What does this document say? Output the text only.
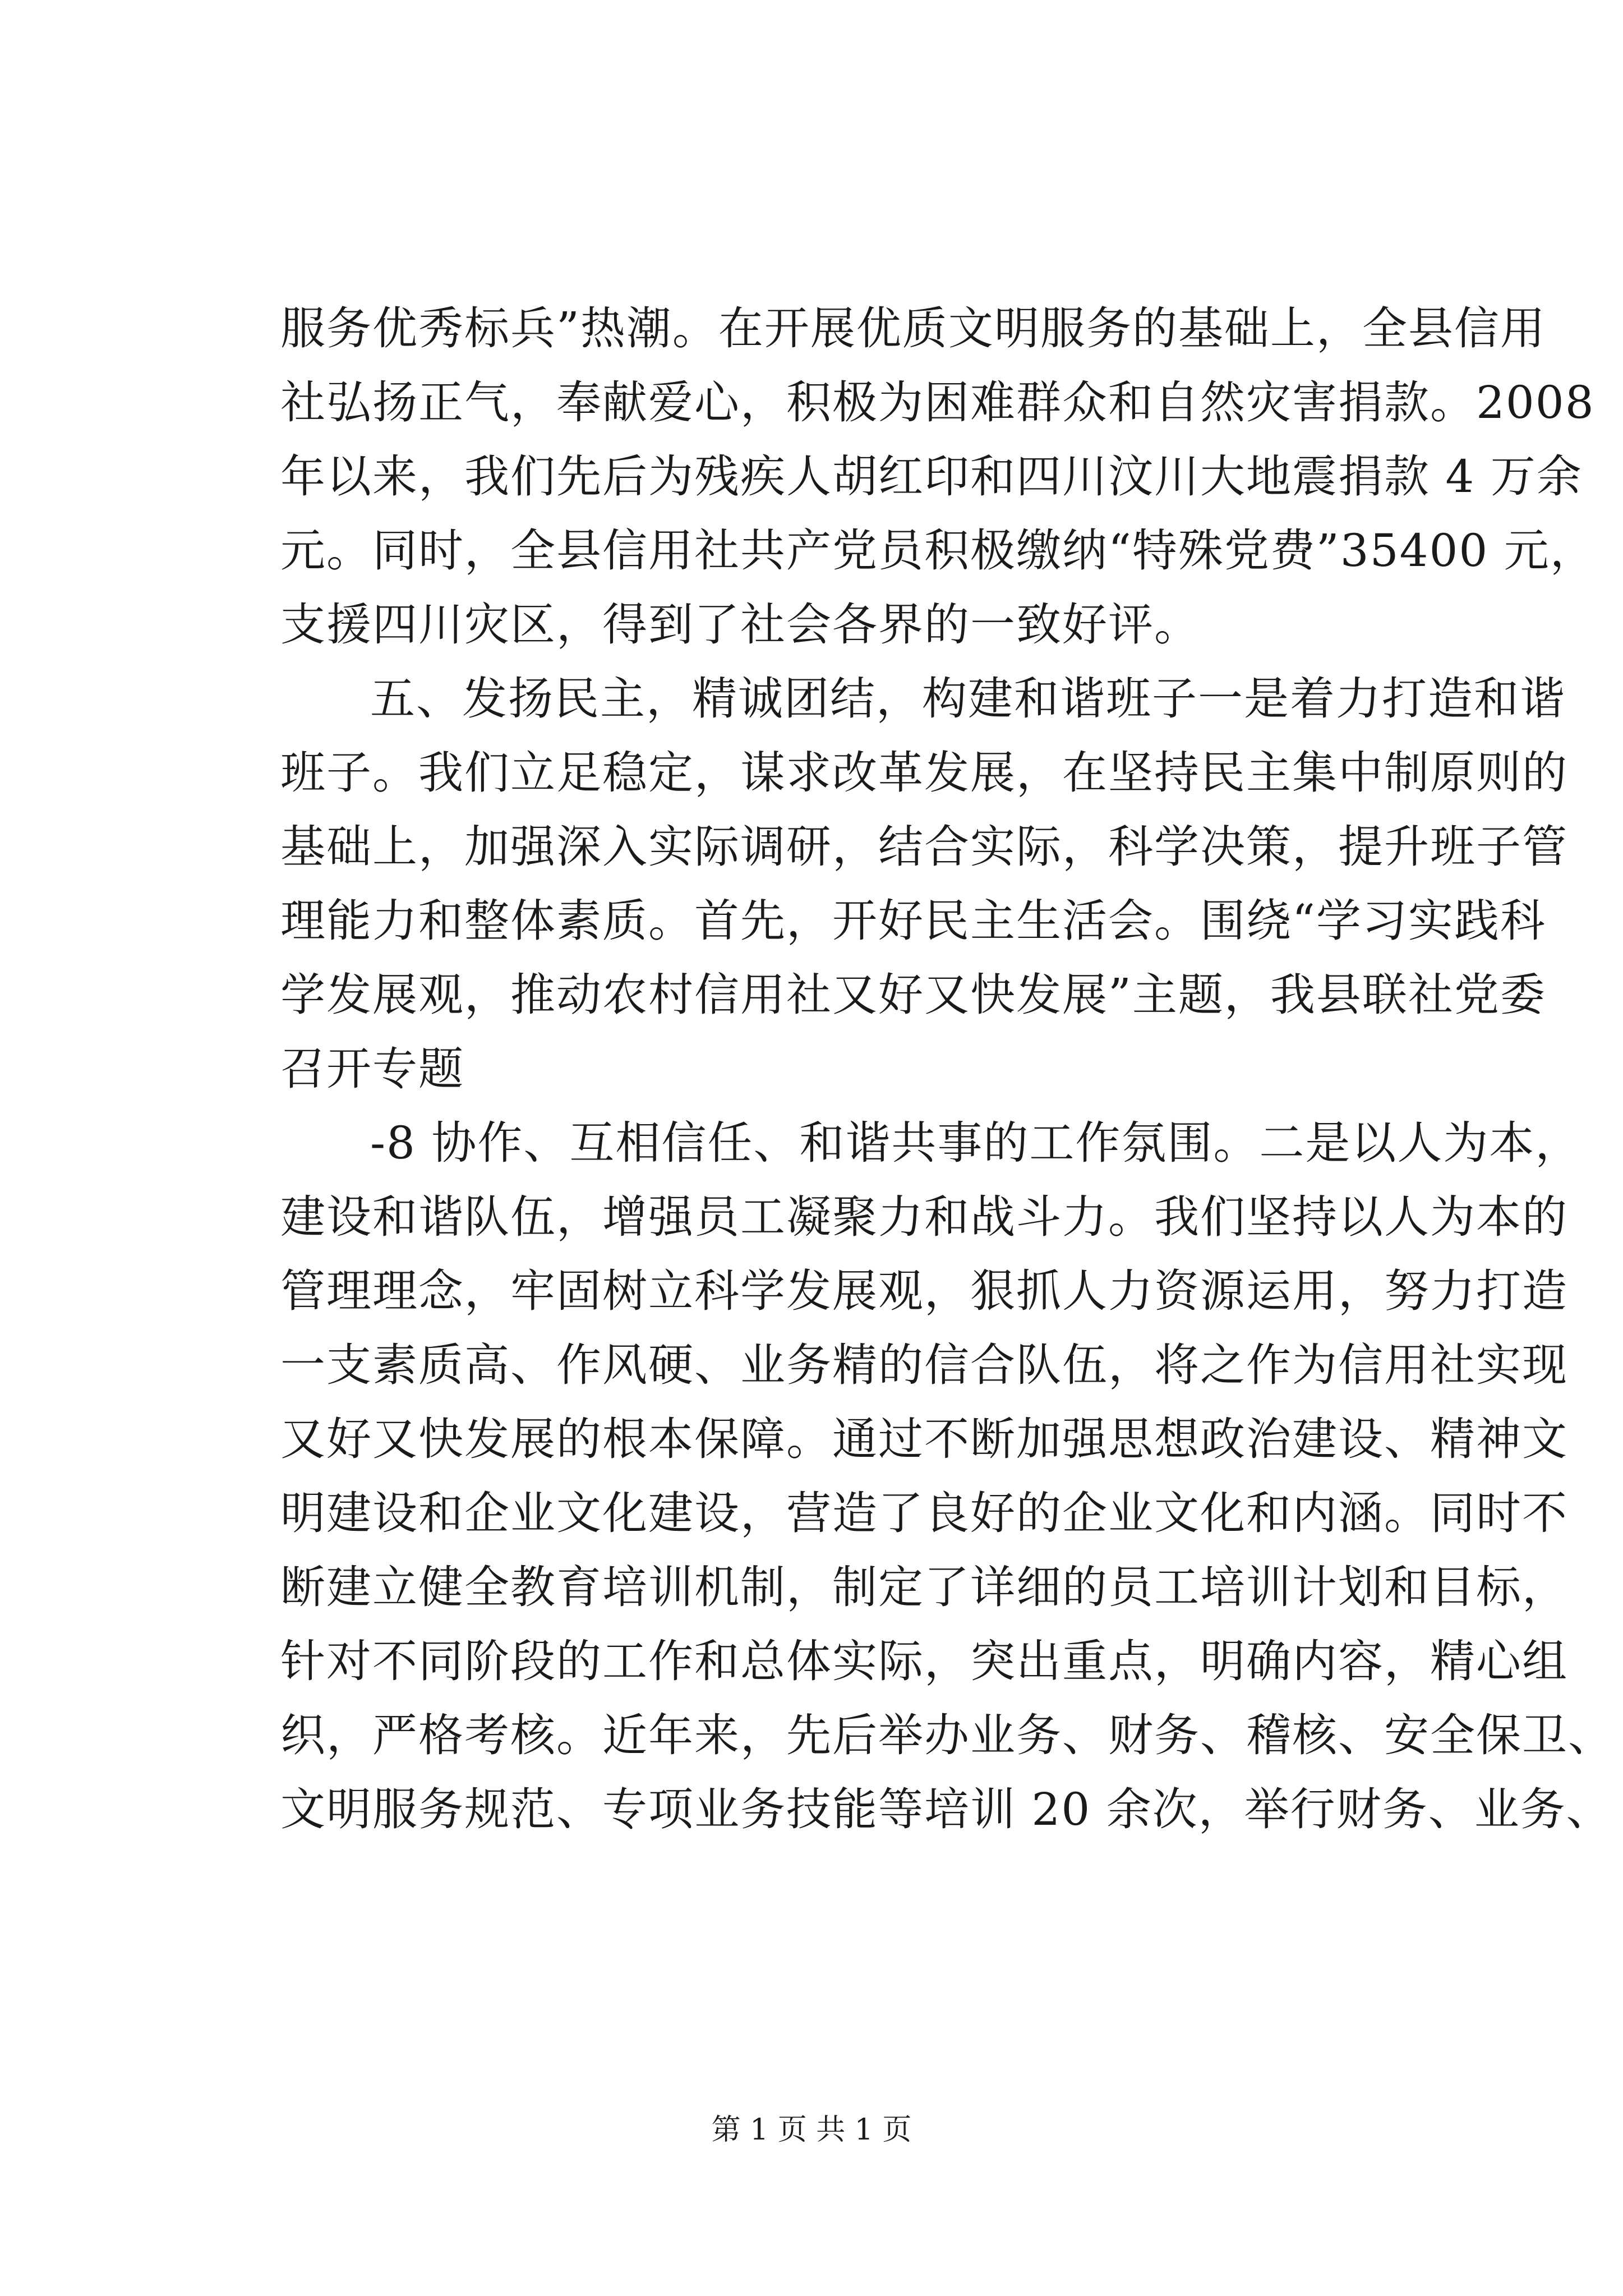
服务优秀标兵”热潮。在开展优质文明服务的基础上，全县信用
社弘扬正气，奉献爱心，积极为困难群众和自然灾害捐款。2008
年以来，我们先后为残疾人胡红印和四川汶川大地震捐款 4 万余
元。同时，全县信用社共产党员积极缴纳“特殊党费”35400 元，
支援四川灾区，得到了社会各界的一致好评。
五、发扬民主，精诚团结，构建和谐班子一是着力打造和谐
班子。我们立足稳定，谋求改革发展，在坚持民主集中制原则的
基础上，加强深入实际调研，结合实际，科学决策，提升班子管
理能力和整体素质。首先，开好民主生活会。围绕“学习实践科
学发展观，推动农村信用社又好又快发展”主题，我县联社党委
召开专题
-8 协作、互相信任、和谐共事的工作氛围。二是以人为本，
建设和谐队伍，增强员工凝聚力和战斗力。我们坚持以人为本的
管理理念，牢固树立科学发展观，狠抓人力资源运用，努力打造
一支素质高、作风硬、业务精的信合队伍，将之作为信用社实现
又好又快发展的根本保障。通过不断加强思想政治建设、精神文
明建设和企业文化建设，营造了良好的企业文化和内涵。同时不
断建立健全教育培训机制，制定了详细的员工培训计划和目标，
针对不同阶段的工作和总体实际，突出重点，明确内容，精心组
织，严格考核。近年来，先后举办业务、财务、稽核、安全保卫、
文明服务规范、专项业务技能等培训 20 余次，举行财务、业务、
第 1 页 共 1 页
